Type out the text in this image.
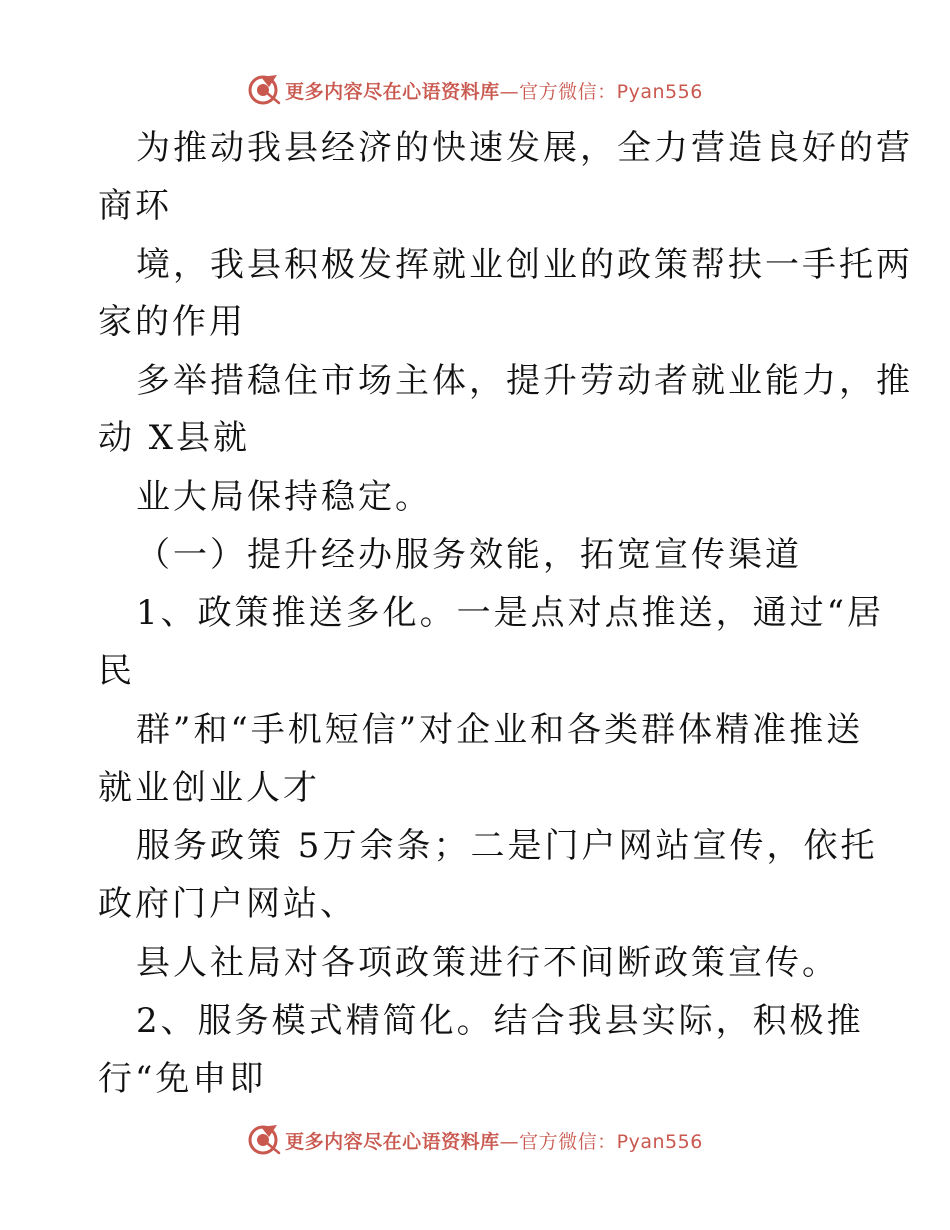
更多内容尽在心语资料库—官方微信：Pyan556
为推动我县经济的快速发展，全力营造良好的营
商环
境，我县积极发挥就业创业的政策帮扶一手托两
家的作用
多举措稳住市场主体，提升劳动者就业能力，推
动 X县就
业大局保持稳定。
（一）提升经办服务效能，拓宽宣传渠道
1、政策推送多化。一是点对点推送，通过“居
民
群”和“手机短信”对企业和各类群体精准推送
就业创业人才
服务政策 5万余条；二是门户网站宣传，依托
政府门户网站、
县人社局对各项政策进行不间断政策宣传。
2、服务模式精简化。结合我县实际，积极推
行“免申即
更多内容尽在心语资料库—官方微信：Pyan556
